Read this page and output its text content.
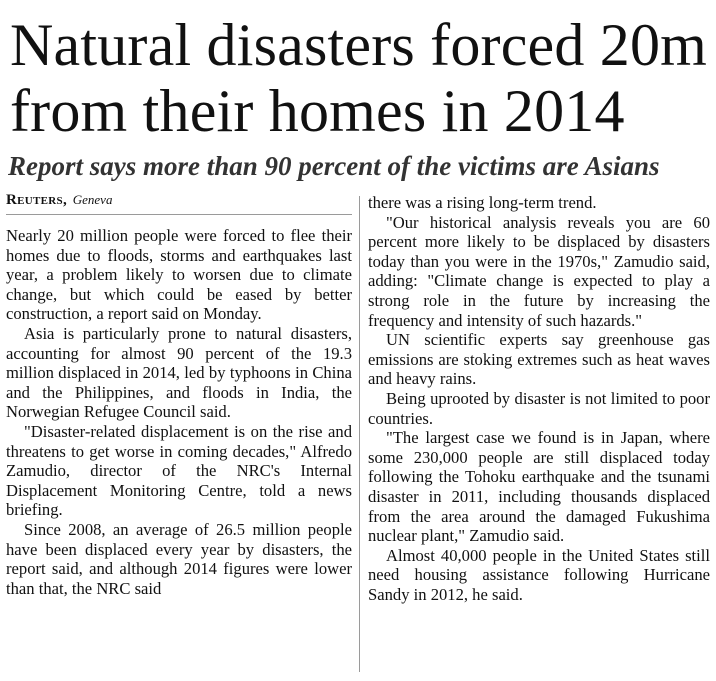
Natural disasters forced 20m from their homes in 2014
Report says more than 90 percent of the victims are Asians
Reuters, Geneva

Nearly 20 million people were forced to flee their homes due to floods, storms and earthquakes last year, a problem likely to worsen due to climate change, but which could be eased by better construction, a report said on Monday.

Asia is particularly prone to natural disasters, accounting for almost 90 percent of the 19.3 million displaced in 2014, led by typhoons in China and the Philippines, and floods in India, the Norwegian Refugee Council said.

"Disaster-related displacement is on the rise and threatens to get worse in coming decades," Alfredo Zamudio, director of the NRC's Internal Displacement Monitoring Centre, told a news briefing.

Since 2008, an average of 26.5 million people have been displaced every year by disasters, the report said, and although 2014 figures were lower than that, the NRC said

there was a rising long-term trend.

"Our historical analysis reveals you are 60 percent more likely to be displaced by disasters today than you were in the 1970s," Zamudio said, adding: "Climate change is expected to play a strong role in the future by increasing the frequency and intensity of such hazards."

UN scientific experts say greenhouse gas emissions are stoking extremes such as heat waves and heavy rains.

Being uprooted by disaster is not limited to poor countries.

"The largest case we found is in Japan, where some 230,000 people are still displaced today following the Tohoku earthquake and the tsunami disaster in 2011, including thousands displaced from the area around the damaged Fukushima nuclear plant," Zamudio said.

Almost 40,000 people in the United States still need housing assistance following Hurricane Sandy in 2012, he said.
